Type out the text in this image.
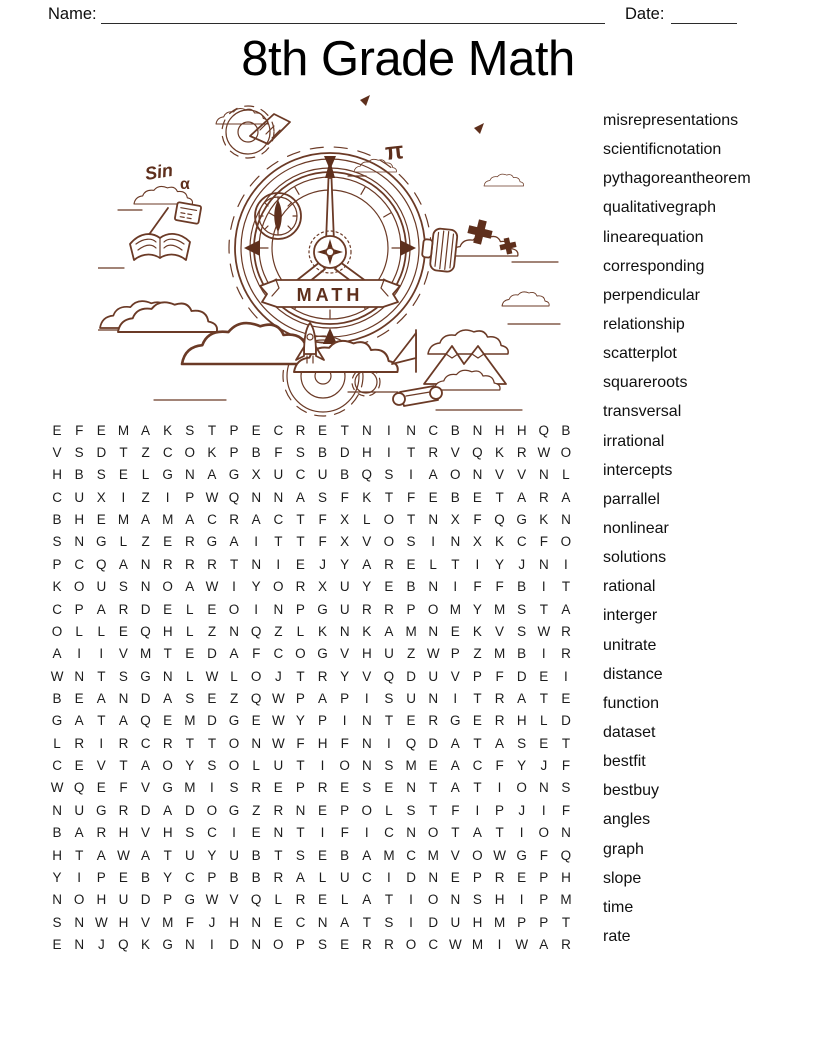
Name:	Date:
8th Grade Math
MATH
Sin
α
π
misrepresentations
scientificnotation
pythagoreantheorem
qualitativegraph
linearequation
corresponding
perpendicular
relationship
scatterplot
squareroots
transversal
irrational
intercepts
parrallel
nonlinear
solutions
rational
interger
unitrate
distance
function
dataset
bestfit
bestbuy
angles
graph
slope
time
rate
E	F E M A K S	T P E C R E	T N	I	N C B N H H Q B
V S D T	Z C O K P B	F S B D H	I	T R V Q K R W O
H B S E	L G N A G X U C U B Q S	I	A O N V V N L
C U X	I	Z	I	P W Q N N A S	F K	T	F E B E	T A R A
B H E M A M A C R A C T	F X	L O T N X	F Q G K N
S N G L	Z E R G A	I	T	T	F X V O S	I	N X K C F O
P C Q A N R R R T N	I	E	J	Y A R E	L	T	I	Y	J	N	I
K O U S N O A W	I	Y O R X U Y E B N	I	F	F B	I	T
C P A R D E	L	E O	I	N P G U R R P O M Y M S	T A
O L	L	E Q H L	Z N Q Z	L	K N K A M N E K V S W R
A	I	I	V M T E D A	F C O G V H U Z W P	Z M B	I	R
W N T S G N L W L O	J	T R Y V Q D U V P	F D E	I
B E A N D A S E	Z Q W P A P	I	S U N	I	T R A	T E
G A	T A Q E M D G E W Y P	I	N T E R G E R H L	D
L	R	I	R C R T	T O N W F H F N	I	Q D A	T A S E	T
C E V	T A O Y S O L	U T	I	O N S M E A C F Y	J	F
W Q E	F V G M	I	S R E P R E S E N T A	T	I	O N S
N U G R D A D O G Z R N E P O L	S	T	F	I	P	J	I	F
B A R H V H S C	I	E N T	I	F	I	C N O T A	T	I	O N
H T A W A	T U Y U B	T S E B A M C M V O W G F Q
Y	I	P E B Y C P B B R A	L	U C	I	D N E P R E P H
N O H U D P G W V Q L	R E	L	A	T	I	O N S H	I	P M
S N W H V M F	J	H N E C N A	T S	I	D U H M P P	T
E N	J Q K G N	I	D N O P S E R R O C W M	I	W A R
